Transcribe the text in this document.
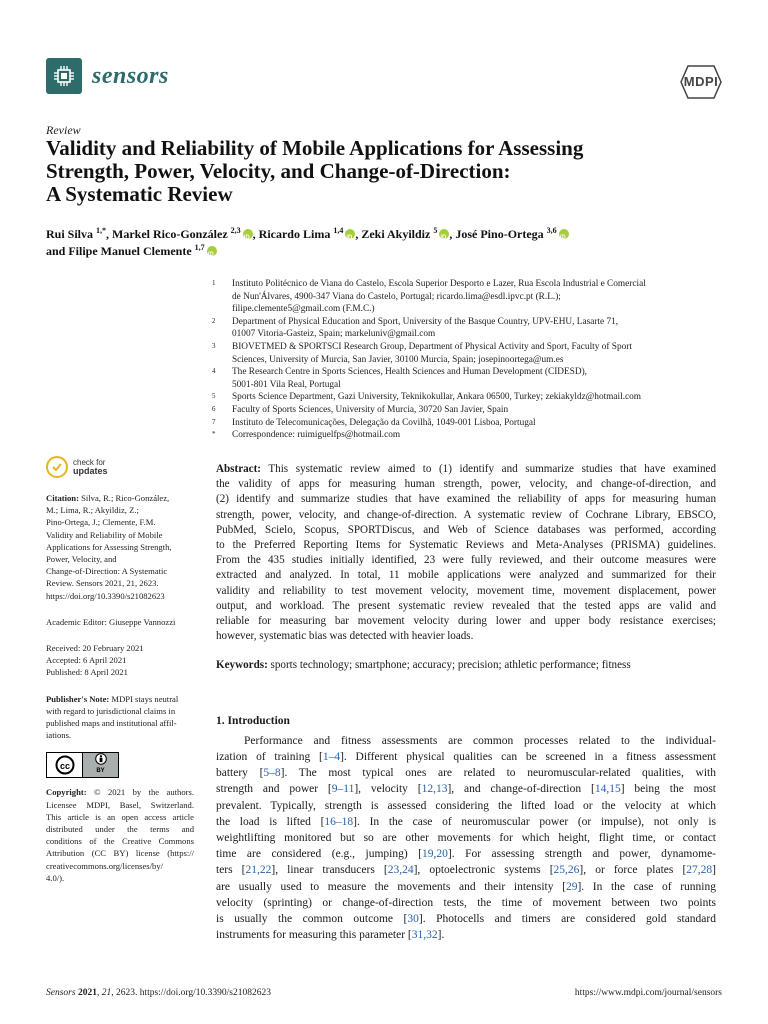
sensors	MDPI
Review
Validity and Reliability of Mobile Applications for Assessing
Strength, Power, Velocity, and Change-of-Direction:
A Systematic Review
Rui Silva $^{1,*}$, Markel Rico-González $^{2,3}$ iD , Ricardo Lima $^{1,4}$ iD , Zeki Akyildiz $^5$ iD , José Pino-Ortega $^{3,6}$iD
and Filipe Manuel Clemente $^{1,7}$iD
1	Instituto Politécnico de Viana do Castelo, Escola Superior Desporto e Lazer, Rua Escola Industrial e Comercial
de Nun'Álvares, 4900-347 Viana do Castelo, Portugal; ricardo.lima@esdl.ipvc.pt (R.L.);
filipe.clemente5@gmail.com (F.M.C.)
2	Department of Physical Education and Sport, University of the Basque Country, UPV-EHU, Lasarte 71,
01007 Vitoria-Gasteiz, Spain; markeluniv@gmail.com
3	BIOVETMED & SPORTSCI Research Group, Department of Physical Activity and Sport, Faculty of Sport
Sciences, University of Murcia, San Javier, 30100 Murcia, Spain; josepinoortega@um.es
4	The Research Centre in Sports Sciences, Health Sciences and Human Development (CIDESD),
5001-801 Vila Real, Portugal
5	Sports Science Department, Gazi University, Teknikokullar, Ankara 06500, Turkey; zekiakyldz@hotmail.com
6	Faculty of Sports Sciences, University of Murcia, 30720 San Javier, Spain
7	Instituto de Telecomunicações, Delegação da Covilhã, 1049-001 Lisboa, Portugal
*	Correspondence: ruimiguelfps@hotmail.com
check for
updates
Citation: Silva, R.; Rico-González,
M.; Lima, R.; Akyildiz, Z.;
Pino-Ortega, J.; Clemente, F.M.
Validity and Reliability of Mobile
Applications for Assessing Strength,
Power, Velocity, and
Change-of-Direction: A Systematic
Review. Sensors 2021, 21, 2623.
https://doi.org/10.3390/s21082623
Academic Editor: Giuseppe Vannozzi
Received: 20 February 2021
Accepted: 6 April 2021
Published: 8 April 2021
Publisher's Note: MDPI stays neutral
with regard to jurisdictional claims in
published maps and institutional affil-
iations.
cc	BY
Copyright: © 2021 by the authors.
Licensee MDPI, Basel, Switzerland.
This article is an open access article
distributed under the terms and
conditions of the Creative Commons
Attribution (CC BY) license (https://
creativecommons.org/licenses/by/
4.0/).
Abstract: This systematic review aimed to (1) identify and summarize studies that have examined
the validity of apps for measuring human strength, power, velocity, and change-of-direction, and
(2) identify and summarize studies that have examined the reliability of apps for measuring human
strength, power, velocity, and change-of-direction. A systematic review of Cochrane Library, EBSCO,
PubMed, Scielo, Scopus, SPORTDiscus, and Web of Science databases was performed, according
to the Preferred Reporting Items for Systematic Reviews and Meta-Analyses (PRISMA) guidelines.
From the 435 studies initially identified, 23 were fully reviewed, and their outcome measures were
extracted and analyzed. In total, 11 mobile applications were analyzed and summarized for their
validity and reliability to test movement velocity, movement time, movement displacement, power
output, and workload. The present systematic review revealed that the tested apps are valid and
reliable for measuring bar movement velocity during lower and upper body resistance exercises;
however, systematic bias was detected with heavier loads.
Keywords: sports technology; smartphone; accuracy; precision; athletic performance; fitness
1. Introduction
Performance and fitness assessments are common processes related to the individual-
ization of training [1–4]. Different physical qualities can be screened in a fitness assessment
battery [5–8]. The most typical ones are related to neuromuscular-related qualities, with
strength and power [9–11], velocity [12,13], and change-of-direction [14,15] being the most
prevalent. Typically, strength is assessed considering the lifted load or the velocity at which
the load is lifted [16–18]. In the case of neuromuscular power (or impulse), not only is
weightlifting monitored but so are other movements for which height, flight time, or contact
time are considered (e.g., jumping) [19,20]. For assessing strength and power, dynamome-
ters [21,22], linear transducers [23,24], optoelectronic systems [25,26], or force plates [27,28]
are usually used to measure the movements and their intensity [29]. In the case of running
velocity (sprinting) or change-of-direction tests, the time of movement between two points
is usually the common outcome [30]. Photocells and timers are considered gold standard
instruments for measuring this parameter [31,32].
Sensors 2021, 21, 2623. https://doi.org/10.3390/s21082623	https://www.mdpi.com/journal/sensors
